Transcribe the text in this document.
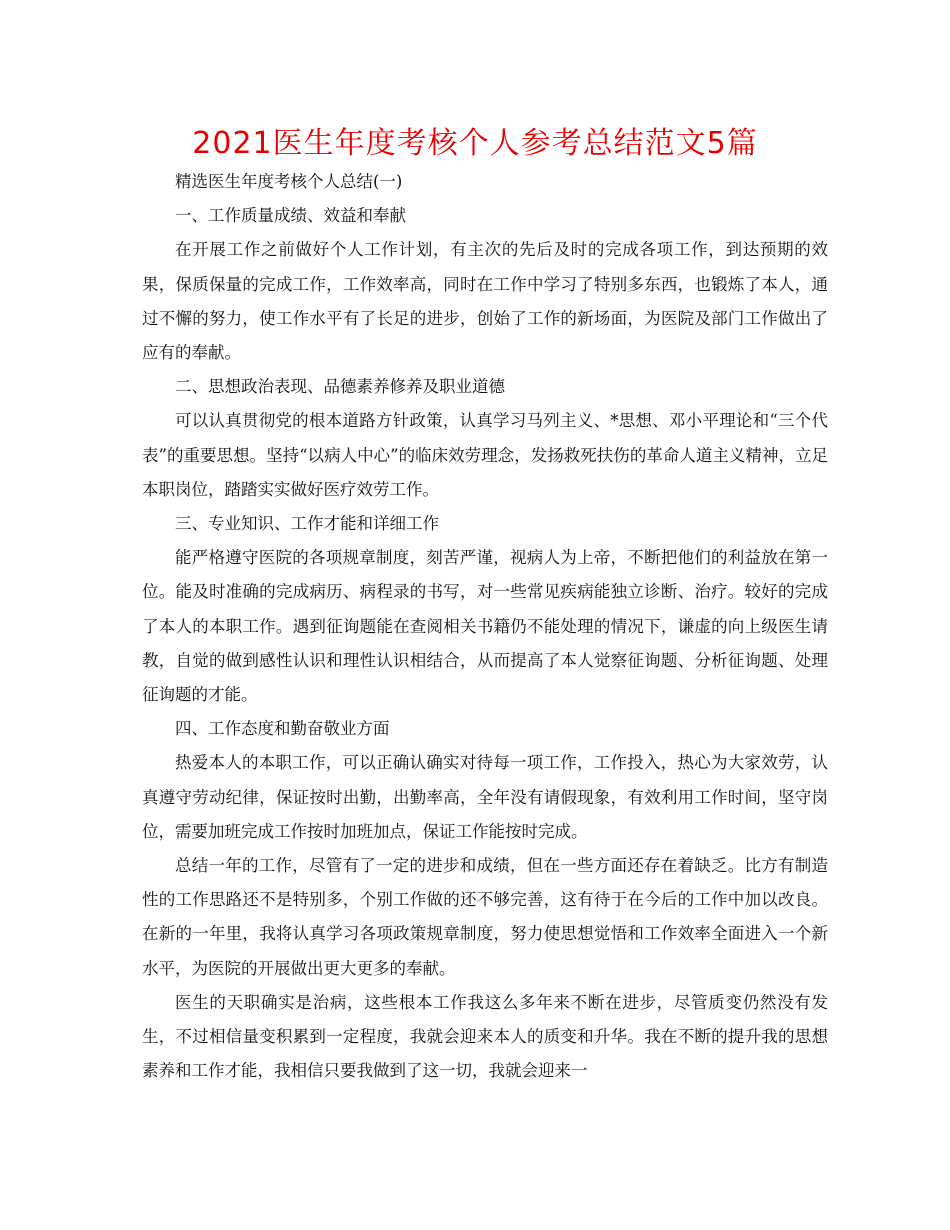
2021医生年度考核个人参考总结范文5篇

精选医生年度考核个人总结(一)

一、工作质量成绩、效益和奉献

在开展工作之前做好个人工作计划，有主次的先后及时的完成各项工作，到达预期的效果，保质保量的完成工作，工作效率高，同时在工作中学习了特别多东西，也锻炼了本人，通过不懈的努力，使工作水平有了长足的进步，创始了工作的新场面，为医院及部门工作做出了应有的奉献。

二、思想政治表现、品德素养修养及职业道德

可以认真贯彻党的根本道路方针政策，认真学习马列主义、*思想、邓小平理论和“三个代表”的重要思想。坚持“以病人中心”的临床效劳理念，发扬救死扶伤的革命人道主义精神，立足本职岗位，踏踏实实做好医疗效劳工作。

三、专业知识、工作才能和详细工作

能严格遵守医院的各项规章制度，刻苦严谨，视病人为上帝，不断把他们的利益放在第一位。能及时准确的完成病历、病程录的书写，对一些常见疾病能独立诊断、治疗。较好的完成了本人的本职工作。遇到征询题能在查阅相关书籍仍不能处理的情况下，谦虚的向上级医生请教，自觉的做到感性认识和理性认识相结合，从而提高了本人觉察征询题、分析征询题、处理征询题的才能。

四、工作态度和勤奋敬业方面

热爱本人的本职工作，可以正确认确实对待每一项工作，工作投入，热心为大家效劳，认真遵守劳动纪律，保证按时出勤，出勤率高，全年没有请假现象，有效利用工作时间，坚守岗位，需要加班完成工作按时加班加点，保证工作能按时完成。

总结一年的工作，尽管有了一定的进步和成绩，但在一些方面还存在着缺乏。比方有制造性的工作思路还不是特别多，个别工作做的还不够完善，这有待于在今后的工作中加以改良。在新的一年里，我将认真学习各项政策规章制度，努力使思想觉悟和工作效率全面进入一个新水平，为医院的开展做出更大更多的奉献。

医生的天职确实是治病，这些根本工作我这么多年来不断在进步，尽管质变仍然没有发生，不过相信量变积累到一定程度，我就会迎来本人的质变和升华。我在不断的提升我的思想素养和工作才能，我相信只要我做到了这一切，我就会迎来一
